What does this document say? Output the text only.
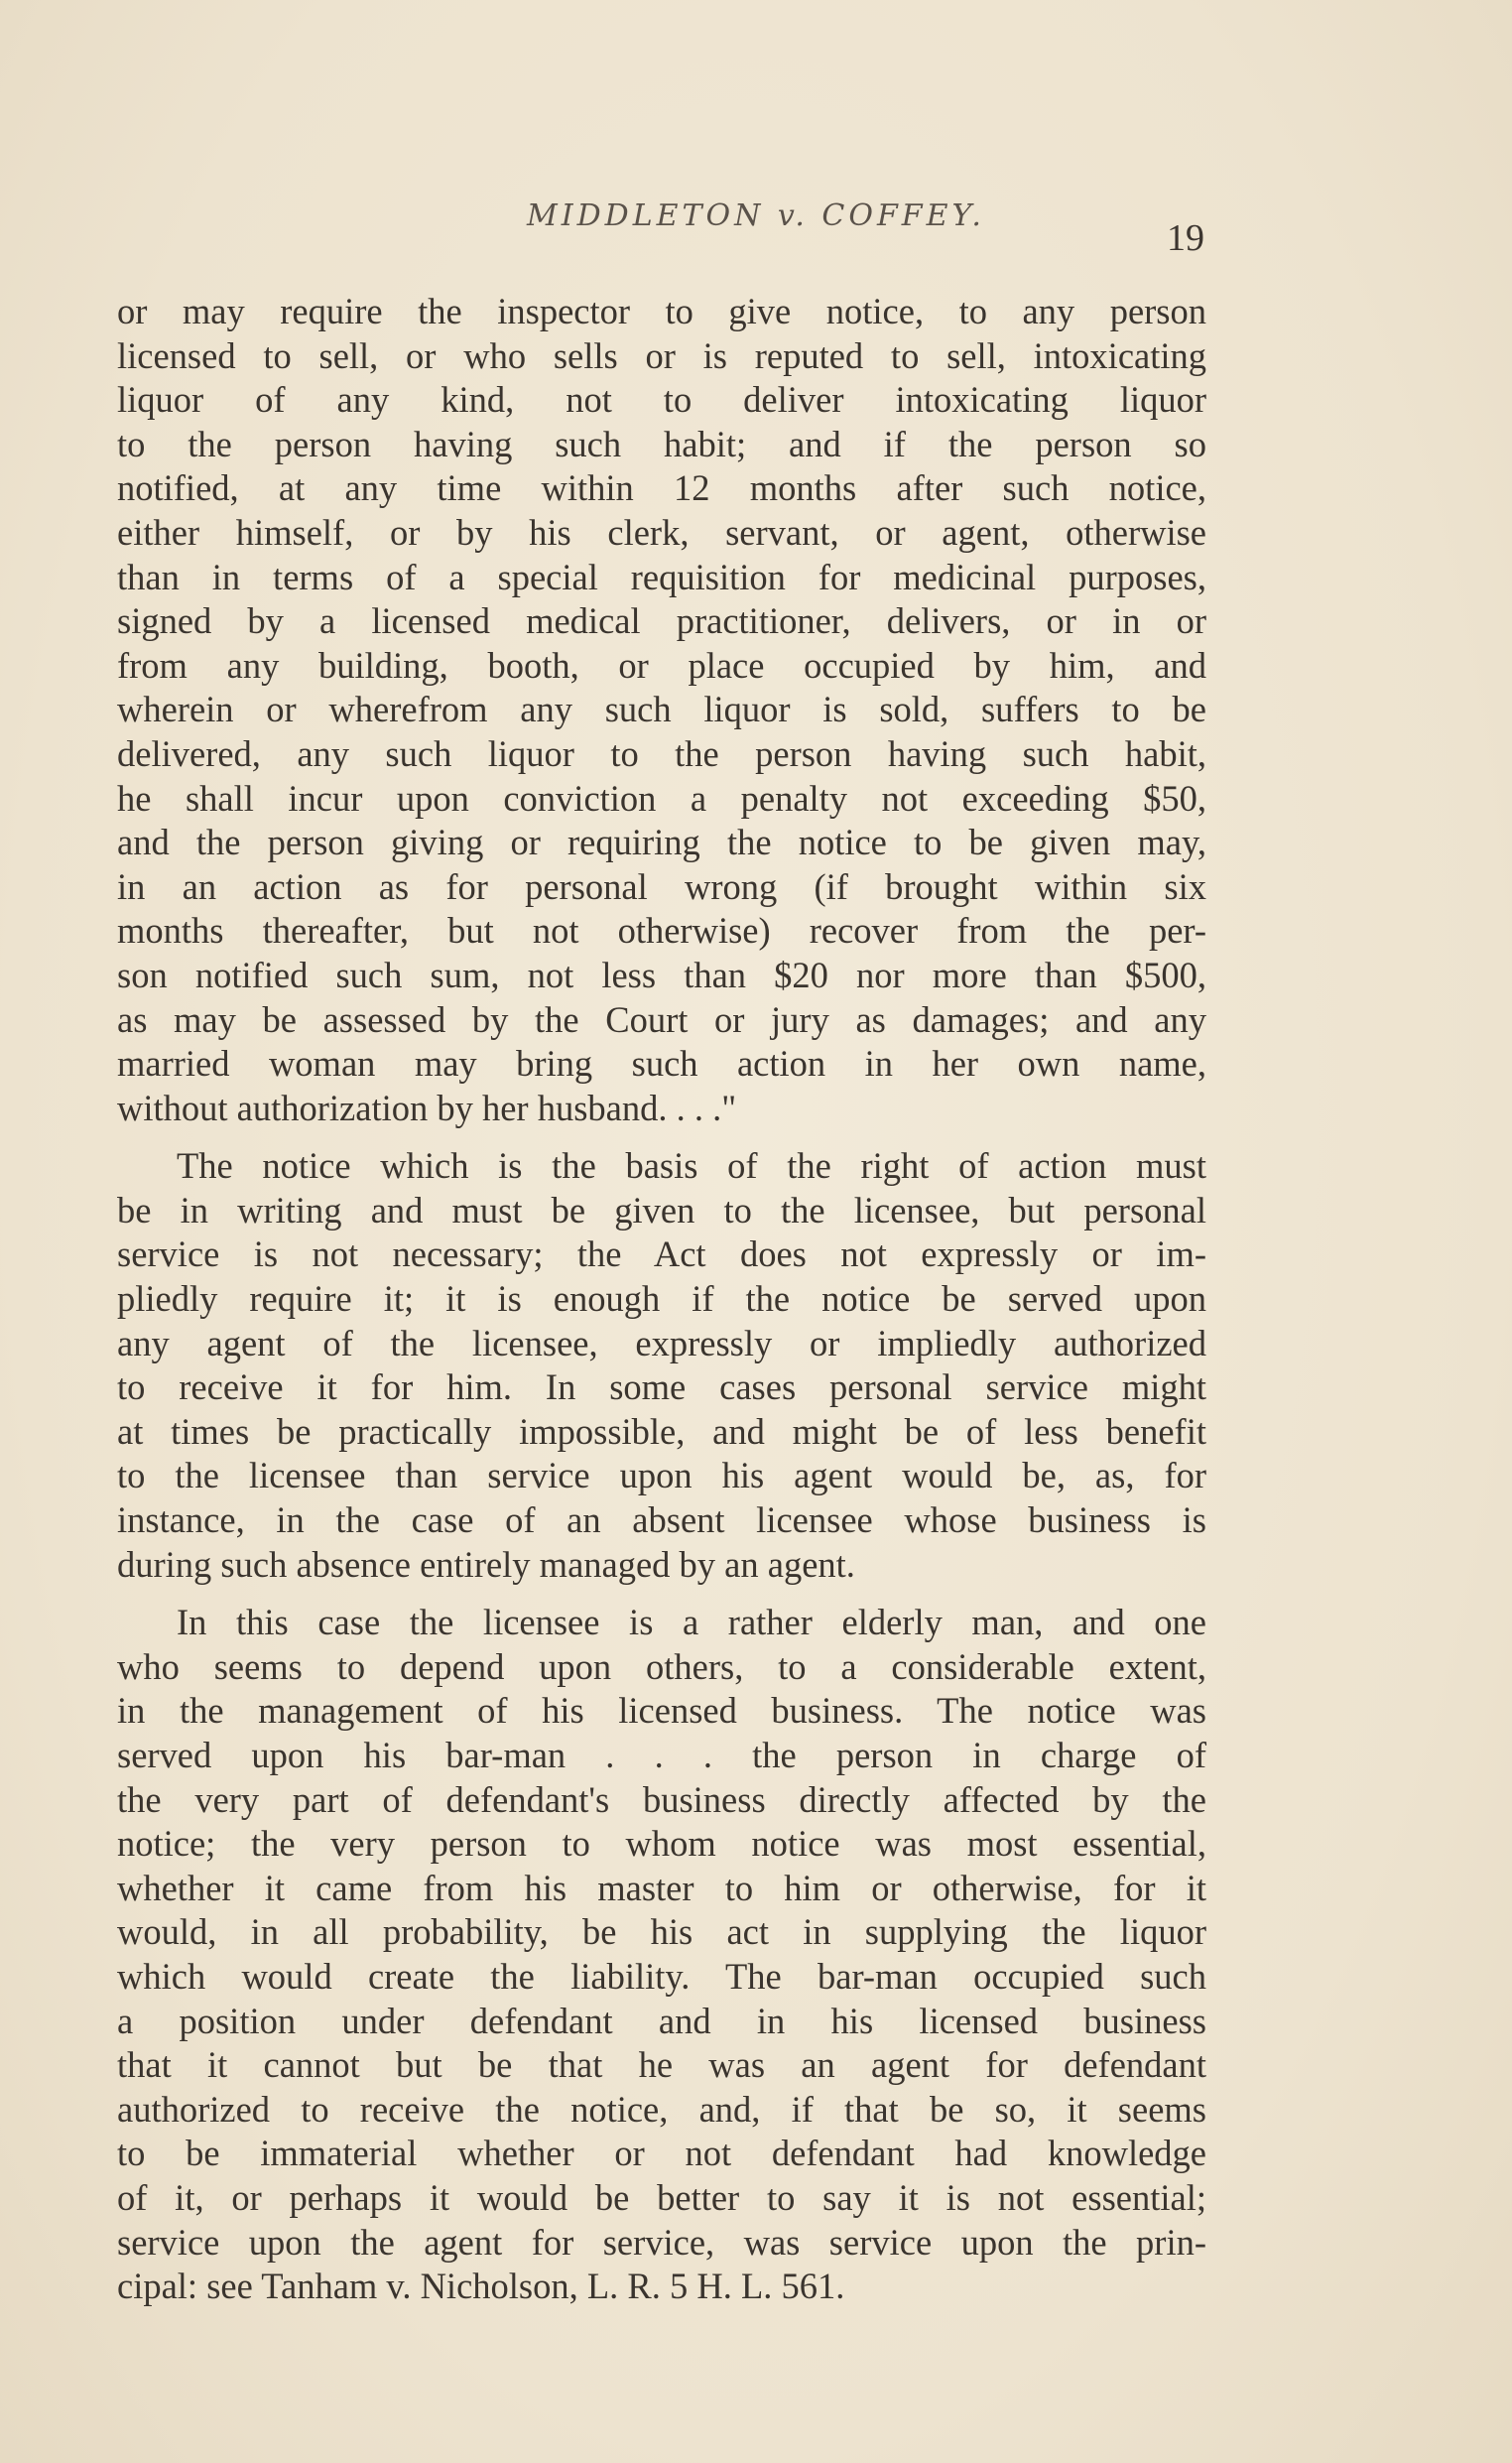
MIDDLETON v. COFFEY.
19
or may require the inspector to give notice, to any person
licensed to sell, or who sells or is reputed to sell, intoxicating
liquor of any kind, not to deliver intoxicating liquor
to the person having such habit; and if the person so
notified, at any time within 12 months after such notice,
either himself, or by his clerk, servant, or agent, otherwise
than in terms of a special requisition for medicinal purposes,
signed by a licensed medical practitioner, delivers, or in or
from any building, booth, or place occupied by him, and
wherein or wherefrom any such liquor is sold, suffers to be
delivered, any such liquor to the person having such habit,
he shall incur upon conviction a penalty not exceeding $50,
and the person giving or requiring the notice to be given may,
in an action as for personal wrong (if brought within six
months thereafter, but not otherwise) recover from the per-
son notified such sum, not less than $20 nor more than $500,
as may be assessed by the Court or jury as damages; and any
married woman may bring such action in her own name,
without authorization by her husband. . . ."
The notice which is the basis of the right of action must
be in writing and must be given to the licensee, but personal
service is not necessary; the Act does not expressly or im-
pliedly require it; it is enough if the notice be served upon
any agent of the licensee, expressly or impliedly authorized
to receive it for him. In some cases personal service might
at times be practically impossible, and might be of less benefit
to the licensee than service upon his agent would be, as, for
instance, in the case of an absent licensee whose business is
during such absence entirely managed by an agent.
In this case the licensee is a rather elderly man, and one
who seems to depend upon others, to a considerable extent,
in the management of his licensed business. The notice was
served upon his bar-man . . . the person in charge of
the very part of defendant's business directly affected by the
notice; the very person to whom notice was most essential,
whether it came from his master to him or otherwise, for it
would, in all probability, be his act in supplying the liquor
which would create the liability. The bar-man occupied such
a position under defendant and in his licensed business
that it cannot but be that he was an agent for defendant
authorized to receive the notice, and, if that be so, it seems
to be immaterial whether or not defendant had knowledge
of it, or perhaps it would be better to say it is not essential;
service upon the agent for service, was service upon the prin-
cipal: see Tanham v. Nicholson, L. R. 5 H. L. 561.
